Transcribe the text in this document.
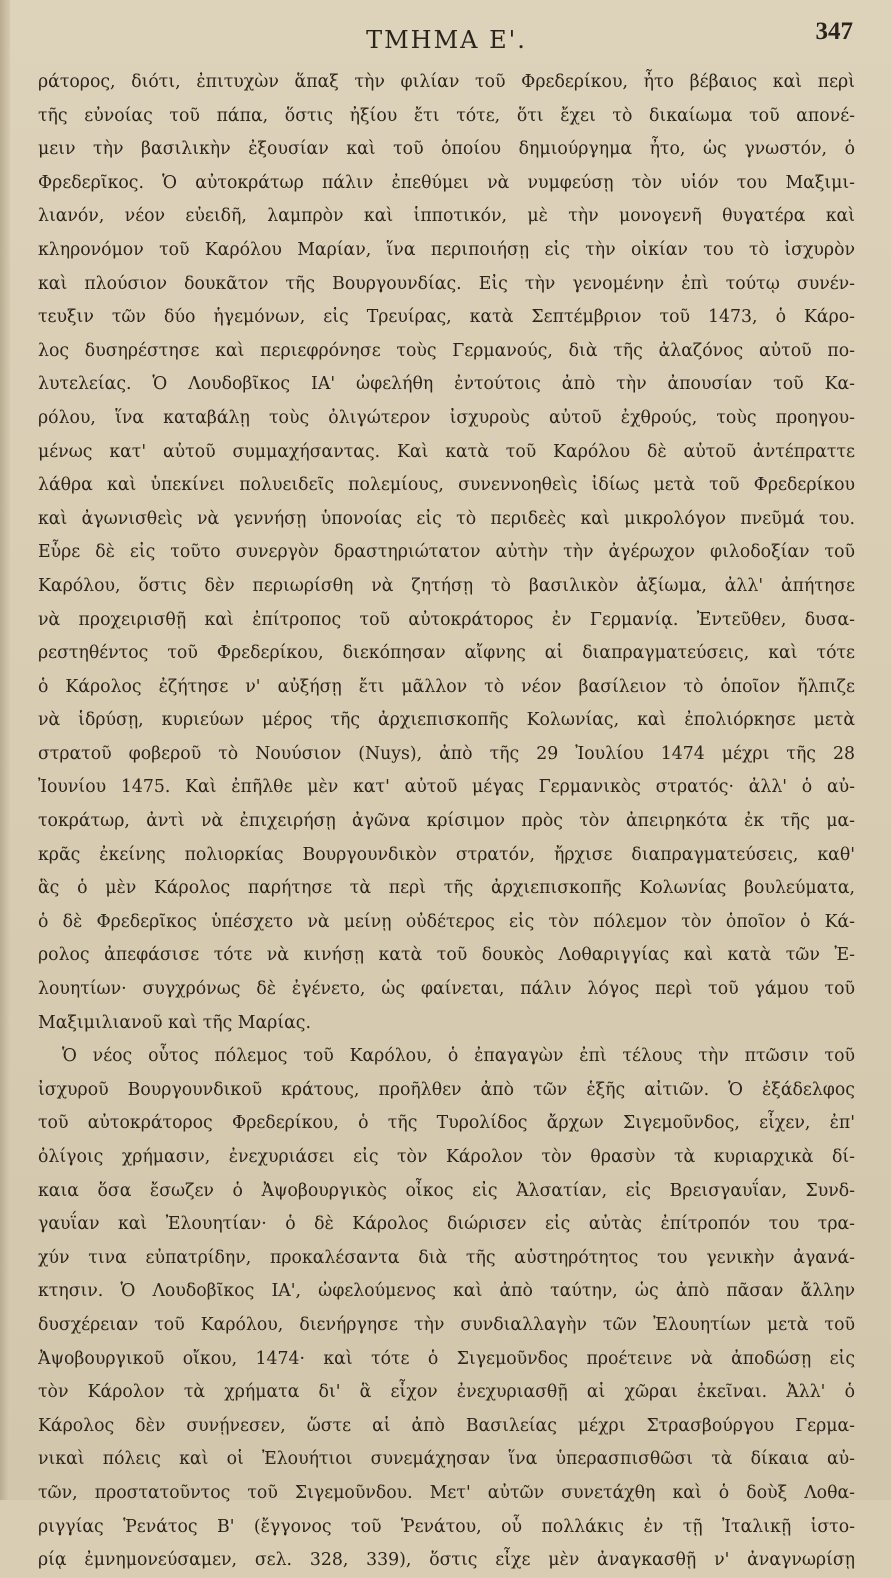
ΤΜΗΜΑ Ε'.	347
ράτορος, διότι, ἐπιτυχὼν ἅπαξ τὴν φιλίαν τοῦ Φρεδερίκου, ἦτο βέβαιος καὶ περὶ
τῆς εὐνοίας τοῦ πάπα, ὅστις ἠξίου ἔτι τότε, ὅτι ἔχει τὸ δικαίωμα τοῦ απονέ-
μειν τὴν βασιλικὴν ἐξουσίαν καὶ τοῦ ὁποίου δημιούργημα ἦτο, ὡς γνωστόν, ὁ
Φρεδερῖκος. Ὁ αὐτοκράτωρ πάλιν ἐπεθύμει νὰ νυμφεύσῃ τὸν υἱόν του Μαξιμι-
λιανόν, νέον εὐειδῆ, λαμπρὸν καὶ ἱπποτικόν, μὲ τὴν μονογενῆ θυγατέρα καὶ
κληρονόμον τοῦ Καρόλου Μαρίαν, ἵνα περιποιήσῃ εἰς τὴν οἰκίαν του τὸ ἰσχυρὸν
καὶ πλούσιον δουκᾶτον τῆς Βουργουνδίας. Εἰς τὴν γενομένην ἐπὶ τούτῳ συνέν-
τευξιν τῶν δύο ἡγεμόνων, εἰς Τρευίρας, κατὰ Σεπτέμβριον τοῦ 1473, ὁ Κάρο-
λος δυσηρέστησε καὶ περιεφρόνησε τοὺς Γερμανούς, διὰ τῆς ἀλαζόνος αὐτοῦ πο-
λυτελείας. Ὁ Λουδοβῖκος ΙΑ' ὠφελήθη ἐντούτοις ἀπὸ τὴν ἀπουσίαν τοῦ Κα-
ρόλου, ἵνα καταβάλῃ τοὺς ὀλιγώτερον ἰσχυροὺς αὐτοῦ ἐχθρούς, τοὺς προηγου-
μένως κατ' αὐτοῦ συμμαχήσαντας. Καὶ κατὰ τοῦ Καρόλου δὲ αὐτοῦ ἀντέπραττε
λάθρα καὶ ὑπεκίνει πολυειδεῖς πολεμίους, συνεννοηθεὶς ἰδίως μετὰ τοῦ Φρεδερίκου
καὶ ἀγωνισθεὶς νὰ γεννήσῃ ὑπονοίας εἰς τὸ περιδεὲς καὶ μικρολόγον πνεῦμά του.
Εὗρε δὲ εἰς τοῦτο συνεργὸν δραστηριώτατον αὐτὴν τὴν ἀγέρωχον φιλοδοξίαν τοῦ
Καρόλου, ὅστις δὲν περιωρίσθη νὰ ζητήσῃ τὸ βασιλικὸν ἀξίωμα, ἀλλ' ἀπήτησε
νὰ προχειρισθῇ καὶ ἐπίτροπος τοῦ αὐτοκράτορος ἐν Γερμανίᾳ. Ἐντεῦθεν, δυσα-
ρεστηθέντος τοῦ Φρεδερίκου, διεκόπησαν αἴφνης αἱ διαπραγματεύσεις, καὶ τότε
ὁ Κάρολος ἐζήτησε ν' αὐξήσῃ ἔτι μᾶλλον τὸ νέον βασίλειον τὸ ὁποῖον ἤλπιζε
νὰ ἱδρύσῃ, κυριεύων μέρος τῆς ἀρχιεπισκοπῆς Κολωνίας, καὶ ἐπολιόρκησε μετὰ
στρατοῦ φοβεροῦ τὸ Νουύσιον (Nuys), ἀπὸ τῆς 29 Ἰουλίου 1474 μέχρι τῆς 28
Ἰουνίου 1475. Καὶ ἐπῆλθε μὲν κατ' αὐτοῦ μέγας Γερμανικὸς στρατός· ἀλλ' ὁ αὐ-
τοκράτωρ, ἀντὶ νὰ ἐπιχειρήσῃ ἀγῶνα κρίσιμον πρὸς τὸν ἀπειρηκότα ἐκ τῆς μα-
κρᾶς ἐκείνης πολιορκίας Βουργουνδικὸν στρατόν, ἤρχισε διαπραγματεύσεις, καθ'
ἃς ὁ μὲν Κάρολος παρήτησε τὰ περὶ τῆς ἀρχιεπισκοπῆς Κολωνίας βουλεύματα,
ὁ δὲ Φρεδερῖκος ὑπέσχετο νὰ μείνῃ οὐδέτερος εἰς τὸν πόλεμον τὸν ὁποῖον ὁ Κά-
ρολος ἀπεφάσισε τότε νὰ κινήσῃ κατὰ τοῦ δουκὸς Λοθαριγγίας καὶ κατὰ τῶν Ἐ-
λουητίων· συγχρόνως δὲ ἐγένετο, ὡς φαίνεται, πάλιν λόγος περὶ τοῦ γάμου τοῦ
Μαξιμιλιανοῦ καὶ τῆς Μαρίας.
Ὁ νέος οὗτος πόλεμος τοῦ Καρόλου, ὁ ἐπαγαγὼν ἐπὶ τέλους τὴν πτῶσιν τοῦ
ἰσχυροῦ Βουργουνδικοῦ κράτους, προῆλθεν ἀπὸ τῶν ἑξῆς αἰτιῶν. Ὁ ἐξάδελφος
τοῦ αὐτοκράτορος Φρεδερίκου, ὁ τῆς Τυρολίδος ἄρχων Σιγεμοῦνδος, εἶχεν, ἐπ'
ὀλίγοις χρήμασιν, ἐνεχυριάσει εἰς τὸν Κάρολον τὸν θρασὺν τὰ κυριαρχικὰ δί-
καια ὅσα ἔσωζεν ὁ Ἀψοβουργικὸς οἶκος εἰς Ἀλσατίαν, εἰς Βρεισγαυΐαν, Συνδ-
γαυΐαν καὶ Ἐλουητίαν· ὁ δὲ Κάρολος διώρισεν εἰς αὐτὰς ἐπίτροπόν του τρα-
χύν τινα εὐπατρίδην, προκαλέσαντα διὰ τῆς αὐστηρότητος του γενικὴν ἀγανά-
κτησιν. Ὁ Λουδοβῖκος ΙΑ', ὠφελούμενος καὶ ἀπὸ ταύτην, ὡς ἀπὸ πᾶσαν ἄλλην
δυσχέρειαν τοῦ Καρόλου, διενήργησε τὴν συνδιαλλαγὴν τῶν Ἐλουητίων μετὰ τοῦ
Ἀψοβουργικοῦ οἴκου, 1474· καὶ τότε ὁ Σιγεμοῦνδος προέτεινε νὰ ἀποδώσῃ εἰς
τὸν Κάρολον τὰ χρήματα δι' ἃ εἶχον ἐνεχυριασθῇ αἱ χῶραι ἐκεῖναι. Ἀλλ' ὁ
Κάρολος δὲν συνῄνεσεν, ὥστε αἱ ἀπὸ Βασιλείας μέχρι Στρασβούργου Γερμα-
νικαὶ πόλεις καὶ οἱ Ἐλουήτιοι συνεμάχησαν ἵνα ὑπερασπισθῶσι τὰ δίκαια αὐ-
τῶν, προστατοῦντος τοῦ Σιγεμοῦνδου. Μετ' αὐτῶν συνετάχθη καὶ ὁ δοὺξ Λοθα-
ριγγίας Ῥενάτος Β' (ἔγγονος τοῦ Ῥενάτου, οὗ πολλάκις ἐν τῇ Ἰταλικῇ ἱστο-
ρίᾳ ἐμνημονεύσαμεν, σελ. 328, 339), ὅστις εἶχε μὲν ἀναγκασθῇ ν' ἀναγνωρίσῃ
